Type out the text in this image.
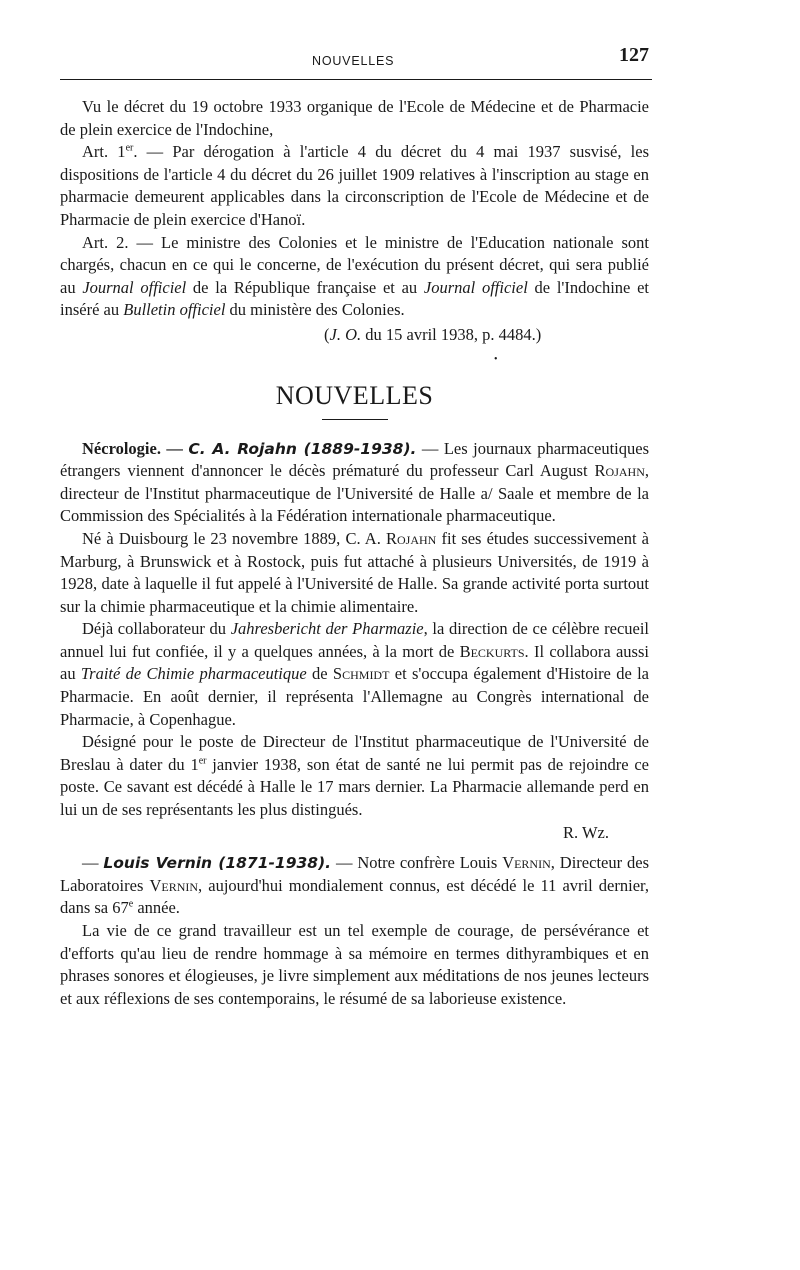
NOUVELLES	127

Vu le décret du 19 octobre 1933 organique de l'Ecole de Médecine et de Pharmacie de plein exercice de l'Indochine,

Art. 1er. — Par dérogation à l'article 4 du décret du 4 mai 1937 susvisé, les dispositions de l'article 4 du décret du 26 juillet 1909 relatives à l'inscription au stage en pharmacie demeurent applicables dans la circonscription de l'Ecole de Médecine et de Pharmacie de plein exercice d'Hanoï.

Art. 2. — Le ministre des Colonies et le ministre de l'Education nationale sont chargés, chacun en ce qui le concerne, de l'exécution du présent décret, qui sera publié au Journal officiel de la République française et au Journal officiel de l'Indochine et inséré au Bulletin officiel du ministère des Colonies.

(J. O. du 15 avril 1938, p. 4484.)

•
NOUVELLES

Nécrologie. — C. A. Rojahn (1889-1938). — Les journaux pharmaceutiques étrangers viennent d'annoncer le décès prématuré du professeur Carl August Rojahn, directeur de l'Institut pharmaceutique de l'Université de Halle a/ Saale et membre de la Commission des Spécialités à la Fédération internationale pharmaceutique.

Né à Duisbourg le 23 novembre 1889, C. A. Rojahn fit ses études successivement à Marburg, à Brunswick et à Rostock, puis fut attaché à plusieurs Universités, de 1919 à 1928, date à laquelle il fut appelé à l'Université de Halle. Sa grande activité porta surtout sur la chimie pharmaceutique et la chimie alimentaire.

Déjà collaborateur du Jahresbericht der Pharmazie, la direction de ce célèbre recueil annuel lui fut confiée, il y a quelques années, à la mort de Beckurts. Il collabora aussi au Traité de Chimie pharmaceutique de Schmidt et s'occupa également d'Histoire de la Pharmacie. En août dernier, il représenta l'Allemagne au Congrès international de Pharmacie, à Copenhague.

Désigné pour le poste de Directeur de l'Institut pharmaceutique de l'Université de Breslau à dater du 1er janvier 1938, son état de santé ne lui permit pas de rejoindre ce poste. Ce savant est décédé à Halle le 17 mars dernier. La Pharmacie allemande perd en lui un de ses représentants les plus distingués.

R. Wz.

— Louis Vernin (1871-1938). — Notre confrère Louis Vernin, Directeur des Laboratoires Vernin, aujourd'hui mondialement connus, est décédé le 11 avril dernier, dans sa 67e année.

La vie de ce grand travailleur est un tel exemple de courage, de persévérance et d'efforts qu'au lieu de rendre hommage à sa mémoire en termes dithyrambiques et en phrases sonores et élogieuses, je livre simplement aux méditations de nos jeunes lecteurs et aux réflexions de ses contemporains, le résumé de sa laborieuse existence.
